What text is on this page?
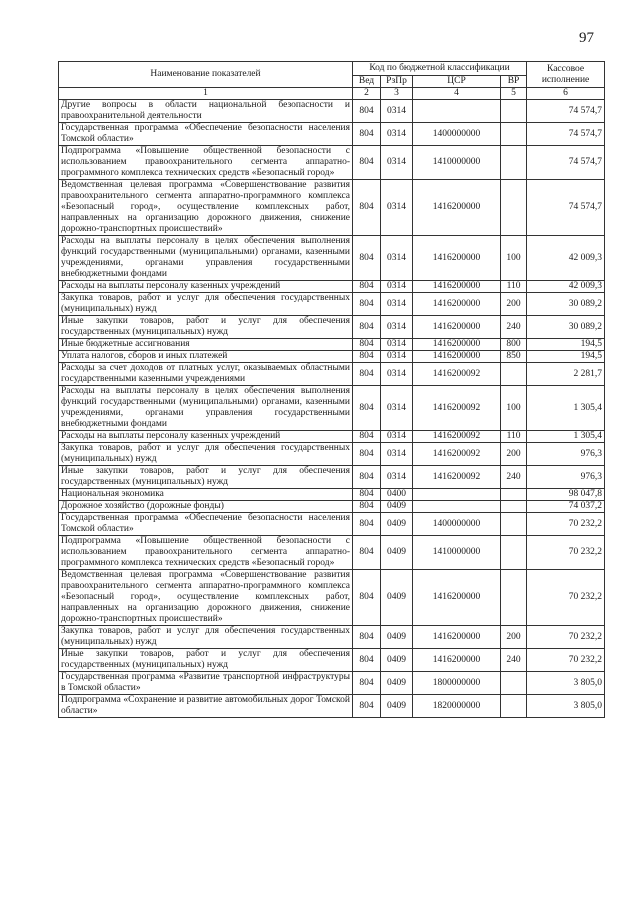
97
Наименование показателей	Код по бюджетной классификации				Кассовое исполнение
	Вед	РзПр	ЦСР	ВР	
1	2	3	4	5	6
Другие вопросы в области национальной безопасности и правоохранительной деятельности	804	0314			74 574,7
Государственная программа «Обеспечение безопасности населения Томской области»	804	0314	1400000000		74 574,7
Подпрограмма «Повышение общественной безопасности с использованием правоохранительного сегмента аппаратно-программного комплекса технических средств «Безопасный город»	804	0314	1410000000		74 574,7
Ведомственная целевая программа «Совершенствование развития правоохранительного сегмента аппаратно-программного комплекса «Безопасный город», осуществление комплексных работ, направленных на организацию дорожного движения, снижение дорожно-транспортных происшествий»	804	0314	1416200000		74 574,7
Расходы на выплаты персоналу в целях обеспечения выполнения функций государственными (муниципальными) органами, казенными учреждениями, органами управления государственными внебюджетными фондами	804	0314	1416200000	100	42 009,3
Расходы на выплаты персоналу казенных учреждений	804	0314	1416200000	110	42 009,3
Закупка товаров, работ и услуг для обеспечения государственных (муниципальных) нужд	804	0314	1416200000	200	30 089,2
Иные закупки товаров, работ и услуг для обеспечения государственных (муниципальных) нужд	804	0314	1416200000	240	30 089,2
Иные бюджетные ассигнования	804	0314	1416200000	800	194,5
Уплата налогов, сборов и иных платежей	804	0314	1416200000	850	194,5
Расходы за счет доходов от платных услуг, оказываемых областными государственными казенными учреждениями	804	0314	1416200092		2 281,7
Расходы на выплаты персоналу в целях обеспечения выполнения функций государственными (муниципальными) органами, казенными учреждениями, органами управления государственными внебюджетными фондами	804	0314	1416200092	100	1 305,4
Расходы на выплаты персоналу казенных учреждений	804	0314	1416200092	110	1 305,4
Закупка товаров, работ и услуг для обеспечения государственных (муниципальных) нужд	804	0314	1416200092	200	976,3
Иные закупки товаров, работ и услуг для обеспечения государственных (муниципальных) нужд	804	0314	1416200092	240	976,3
Национальная экономика	804	0400			98 047,8
Дорожное хозяйство (дорожные фонды)	804	0409			74 037,2
Государственная программа «Обеспечение безопасности населения Томской области»	804	0409	1400000000		70 232,2
Подпрограмма «Повышение общественной безопасности с использованием правоохранительного сегмента аппаратно-программного комплекса технических средств «Безопасный город»	804	0409	1410000000		70 232,2
Ведомственная целевая программа «Совершенствование развития правоохранительного сегмента аппаратно-программного комплекса «Безопасный город», осуществление комплексных работ, направленных на организацию дорожного движения, снижение дорожно-транспортных происшествий»	804	0409	1416200000		70 232,2
Закупка товаров, работ и услуг для обеспечения государственных (муниципальных) нужд	804	0409	1416200000	200	70 232,2
Иные закупки товаров, работ и услуг для обеспечения государственных (муниципальных) нужд	804	0409	1416200000	240	70 232,2
Государственная программа «Развитие транспортной инфраструктуры в Томской области»	804	0409	1800000000		3 805,0
Подпрограмма «Сохранение и развитие автомобильных дорог Томской области»	804	0409	1820000000		3 805,0
